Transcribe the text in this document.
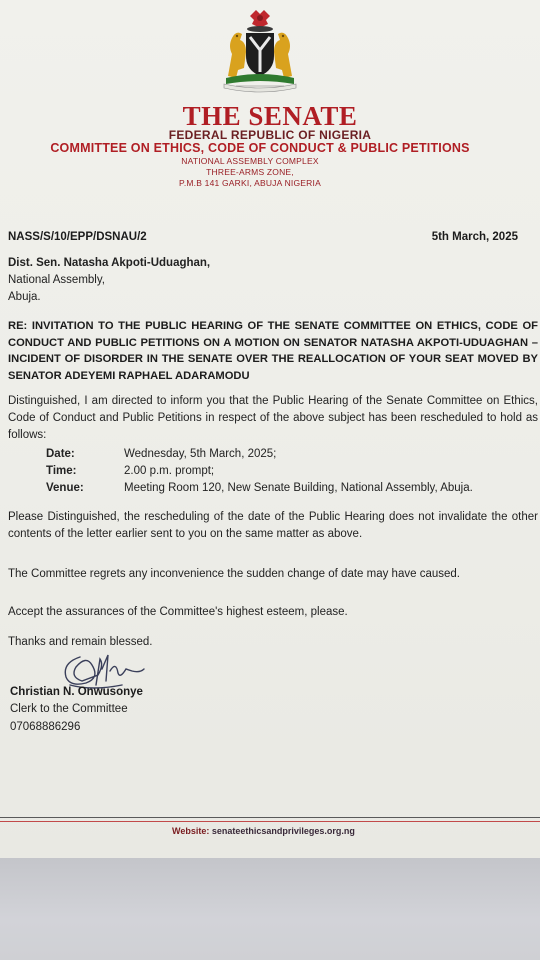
THE SENATE
FEDERAL REPUBLIC OF NIGERIA
COMMITTEE ON ETHICS, CODE OF CONDUCT & PUBLIC PETITIONS
NATIONAL ASSEMBLY COMPLEX
THREE-ARMS ZONE,
P.M.B 141 GARKI, ABUJA NIGERIA
NASS/S/10/EPP/DSNAU/2	5th March, 2025
Dist. Sen. Natasha Akpoti-Uduaghan,
National Assembly,
Abuja.
RE: INVITATION TO THE PUBLIC HEARING OF THE SENATE COMMITTEE ON ETHICS, CODE OF CONDUCT AND PUBLIC PETITIONS ON A MOTION ON SENATOR NATASHA AKPOTI-UDUAGHAN – INCIDENT OF DISORDER IN THE SENATE OVER THE REALLOCATION OF YOUR SEAT MOVED BY SENATOR ADEYEMI RAPHAEL ADARAMODU
Distinguished, I am directed to inform you that the Public Hearing of the Senate Committee on Ethics, Code of Conduct and Public Petitions in respect of the above subject has been rescheduled to hold as follows:
Date:	Wednesday, 5th March, 2025;
Time:	2.00 p.m. prompt;
Venue:	Meeting Room 120, New Senate Building, National Assembly, Abuja.
Please Distinguished, the rescheduling of the date of the Public Hearing does not invalidate the other contents of the letter earlier sent to you on the same matter as above.
The Committee regrets any inconvenience the sudden change of date may have caused.
Accept the assurances of the Committee's highest esteem, please.
Thanks and remain blessed.
Christian N. Onwusonye
Clerk to the Committee
07068886296
Website: senateethicsandprivileges.org.ng
